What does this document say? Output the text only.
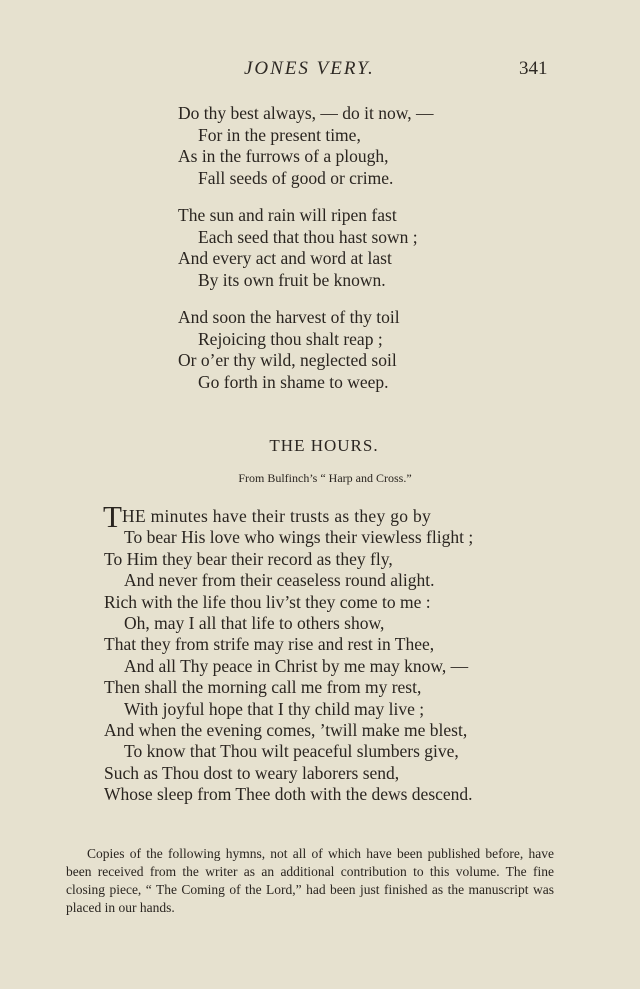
JONES VERY.	341
Do thy best always, — do it now, —
For in the present time,
As in the furrows of a plough,
Fall seeds of good or crime.
The sun and rain will ripen fast
Each seed that thou hast sown ;
And every act and word at last
By its own fruit be known.
And soon the harvest of thy toil
Rejoicing thou shalt reap ;
Or o’er thy wild, neglected soil
Go forth in shame to weep.
THE HOURS.
From Bulfinch’s “ Harp and Cross.”
THE minutes have their trusts as they go by
To bear His love who wings their viewless flight ;
To Him they bear their record as they fly,
And never from their ceaseless round alight.
Rich with the life thou liv’st they come to me :
Oh, may I all that life to others show,
That they from strife may rise and rest in Thee,
And all Thy peace in Christ by me may know, —
Then shall the morning call me from my rest,
With joyful hope that I thy child may live ;
And when the evening comes, ’twill make me blest,
To know that Thou wilt peaceful slumbers give,
Such as Thou dost to weary laborers send,
Whose sleep from Thee doth with the dews descend.
Copies of the following hymns, not all of which have been published before, have been received from the writer as an additional contribution to this volume. The fine closing piece, “ The Coming of the Lord,” had been just finished as the manuscript was placed in our hands.
